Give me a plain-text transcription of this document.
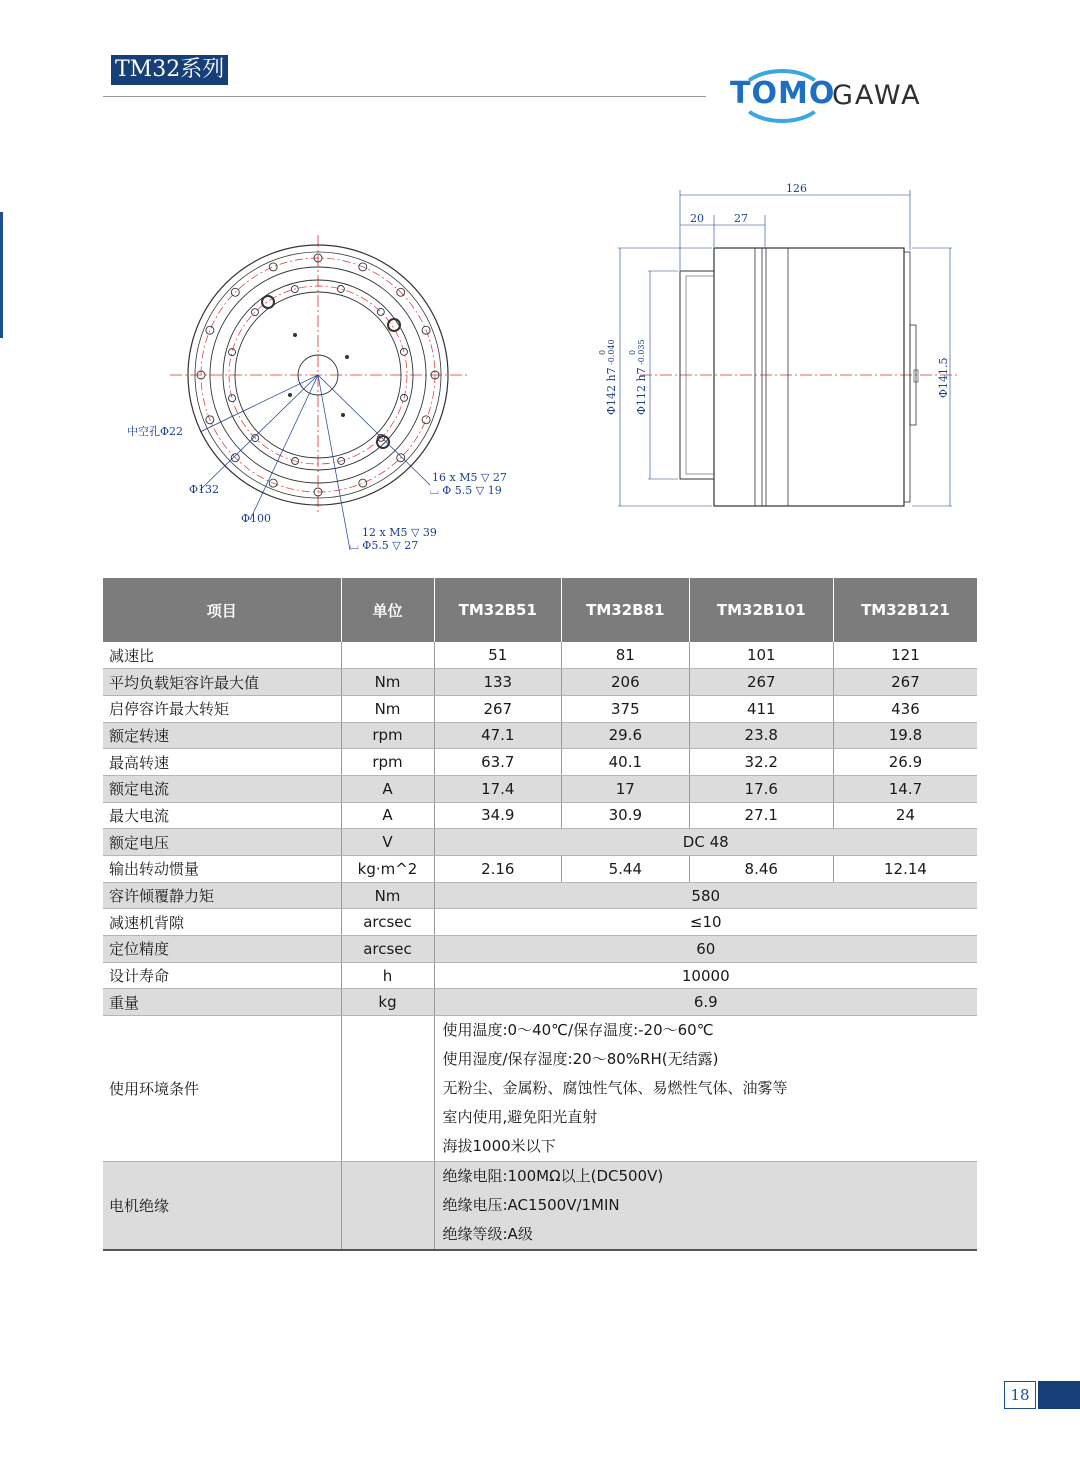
TM32系列
TOMO
GAWA
中空孔Φ22
Φ132
Φ100
16 x M5 ▽ 27
⌴ Φ 5.5 ▽ 19
12 x M5 ▽ 39
⌴ Φ5.5 ▽ 27
126
20	27
Φ142 h7
0 -0.040
Φ112 h7
0 -0.035
Φ141.5
项目	单位	TM32B51	TM32B81	TM32B101	TM32B121
减速比		51	81	101	121
平均负载矩容许最大值	Nm	133	206	267	267
启停容许最大转矩	Nm	267	375	411	436
额定转速	rpm	47.1	29.6	23.8	19.8
最高转速	rpm	63.7	40.1	32.2	26.9
额定电流	A	17.4	17	17.6	14.7
最大电流	A	34.9	30.9	27.1	24
额定电压	V	DC 48			
输出转动惯量	kg·m^2	2.16	5.44	8.46	12.14
容许倾覆静力矩	Nm	580			
减速机背隙	arcsec	≤10			
定位精度	arcsec	60			
设计寿命	h	10000			
重量	kg	6.9			
使用环境条件		使用温度:0～40℃/保存温度:-20～60℃
使用湿度/保存湿度:20～80%RH(无结露)
无粉尘、金属粉、腐蚀性气体、易燃性气体、油雾等
室内使用,避免阳光直射
海拔1000米以下			

电机绝缘		绝缘电阻:100MΩ以上(DC500V)
绝缘电压:AC1500V/1MIN
绝缘等级:A级			
18
